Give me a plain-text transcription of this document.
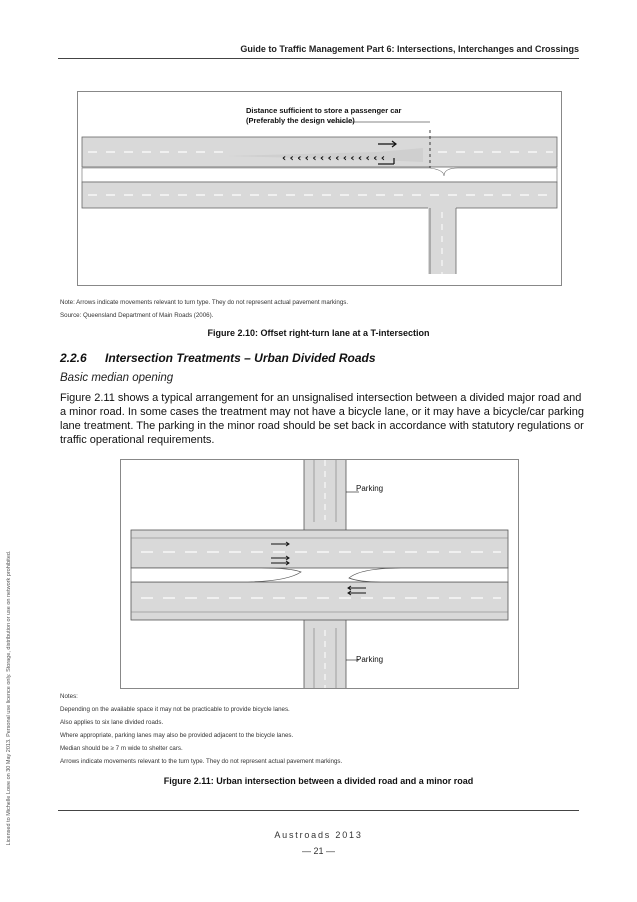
Guide to Traffic Management Part 6: Intersections, Interchanges and Crossings
‹ ‹ ‹ ‹ ‹ ‹ ‹ ‹ ‹ ‹ ‹ ‹ ‹ ‹
Distance sufficient to store a passenger car
(Preferably the design vehicle)
Note: Arrows indicate movements relevant to turn type. They do not represent actual pavement markings.
Source: Queensland Department of Main Roads (2006).
Figure 2.10: Offset right-turn lane at a T-intersection
2.2.6 Intersection Treatments – Urban Divided Roads
Basic median opening
Figure 2.11 shows a typical arrangement for an unsignalised intersection between a divided major road and a minor road. In some cases the treatment may not have a bicycle lane, or it may have a bicycle/car parking lane treatment. The parking in the minor road should be set back in accordance with statutory regulations or traffic operational requirements.
Parking
Parking
Notes:
Depending on the available space it may not be practicable to provide bicycle lanes.
Also applies to six lane divided roads.
Where appropriate, parking lanes may also be provided adjacent to the bicycle lanes.
Median should be ≥ 7 m wide to shelter cars.
Arrows indicate movements relevant to the turn type. They do not represent actual pavement markings.
Figure 2.11: Urban intersection between a divided road and a minor road
Licensed to Michelle Lowe on 30 May 2013. Personal use licence only. Storage, distribution or use on network prohibited.	Austroads 2013
— 21 —
